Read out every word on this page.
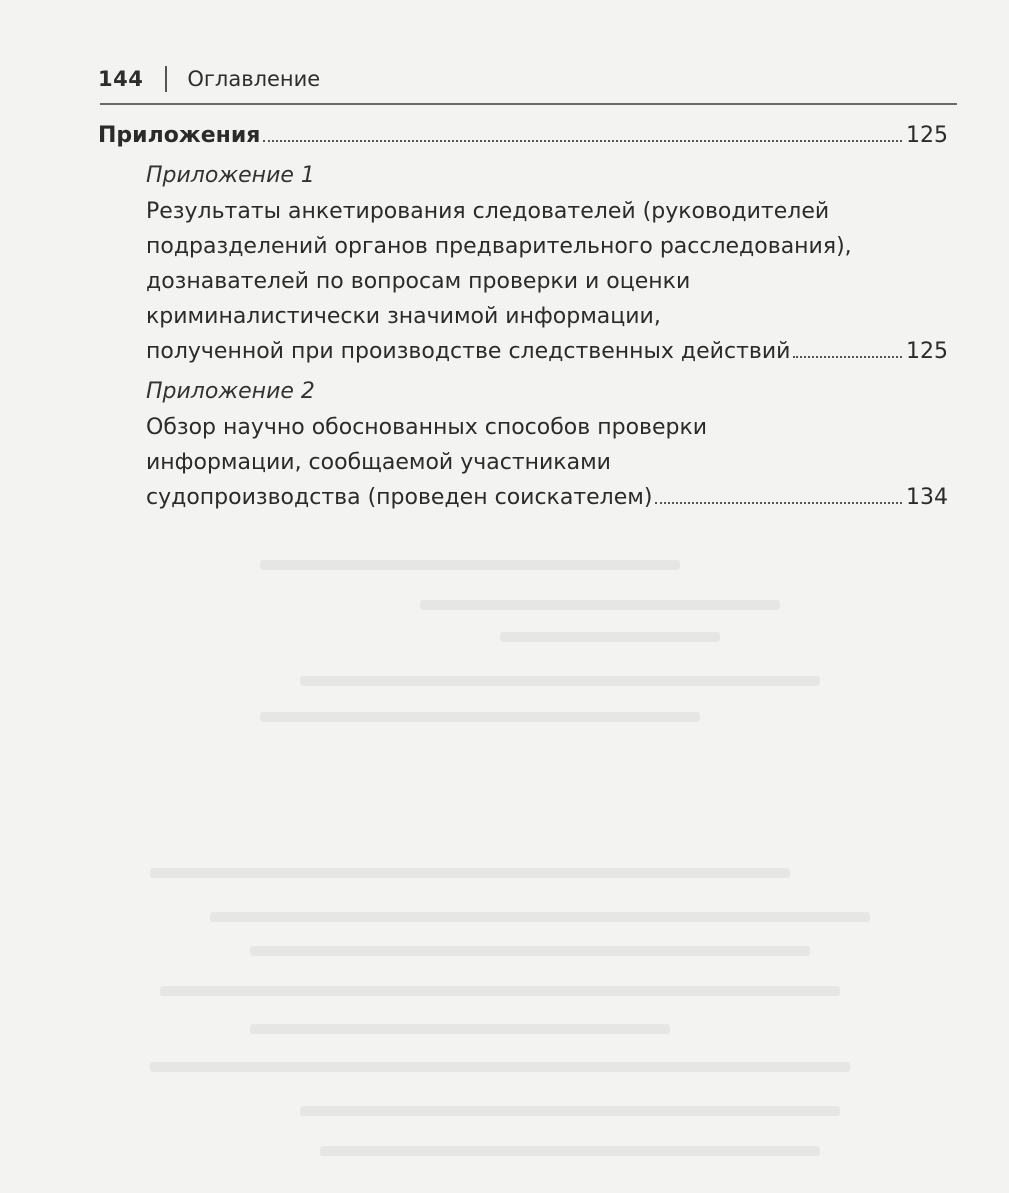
144 Оглавление
Приложения	125
Приложение 1
Результаты анкетирования следователей (руководителей
подразделений органов предварительного расследования),
дознавателей по вопросам проверки и оценки
криминалистически значимой информации,
полученной при производстве следственных действий	125
Приложение 2
Обзор научно обоснованных способов проверки
информации, сообщаемой участниками
судопроизводства (проведен соискателем)	134
